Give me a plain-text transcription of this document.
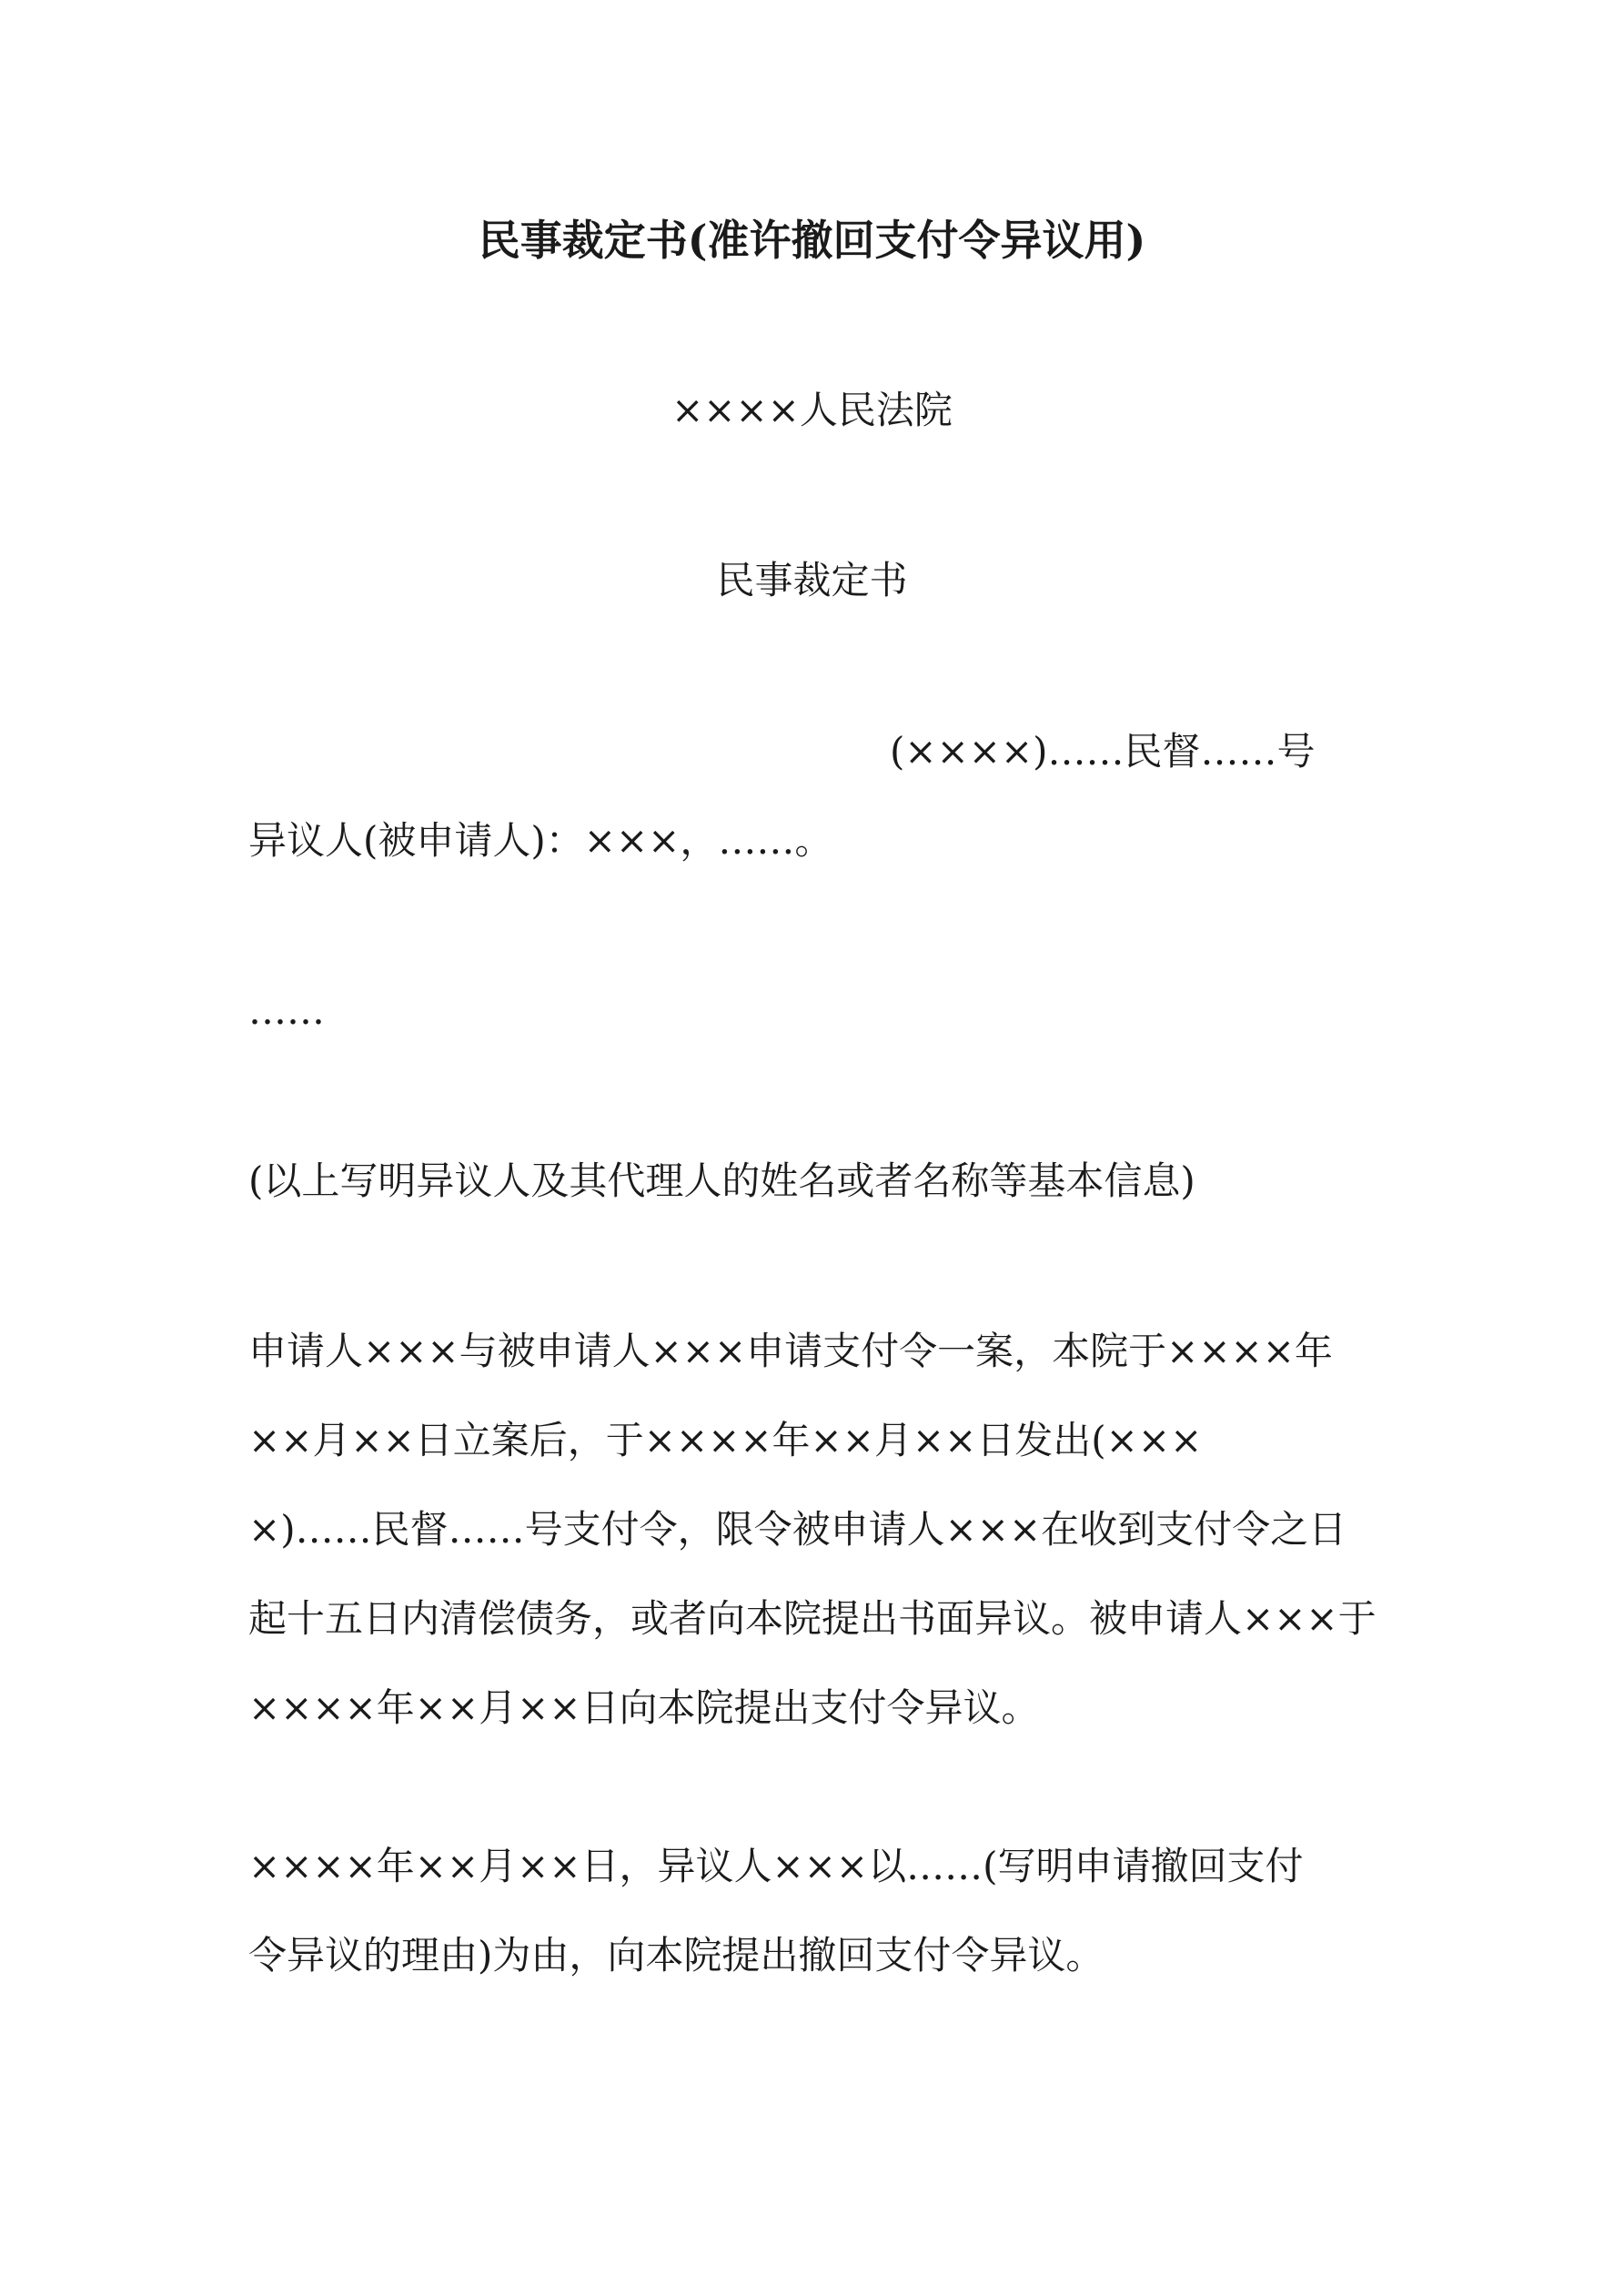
民事裁定书(准许撤回支付令异议用)
××××人民法院
民事裁定书
(××××)……民督……号
异议人(被申请人)：×××，……。
……
(以上写明异议人及其代理人的姓名或者名称等基本信息)
申请人×××与被申请人×××申请支付令一案，本院于××××年
××月××日立案后，于××××年××月××日发出(×××
×)……民督……号支付令，限令被申请人×××在收到支付令之日
起十五日内清偿债务，或者向本院提出书面异议。被申请人×××于
××××年××月××日向本院提出支付令异议。
××××年××月××日，异议人×××以……(写明申请撤回支付
令异议的理由)为由，向本院提出撤回支付令异议。
